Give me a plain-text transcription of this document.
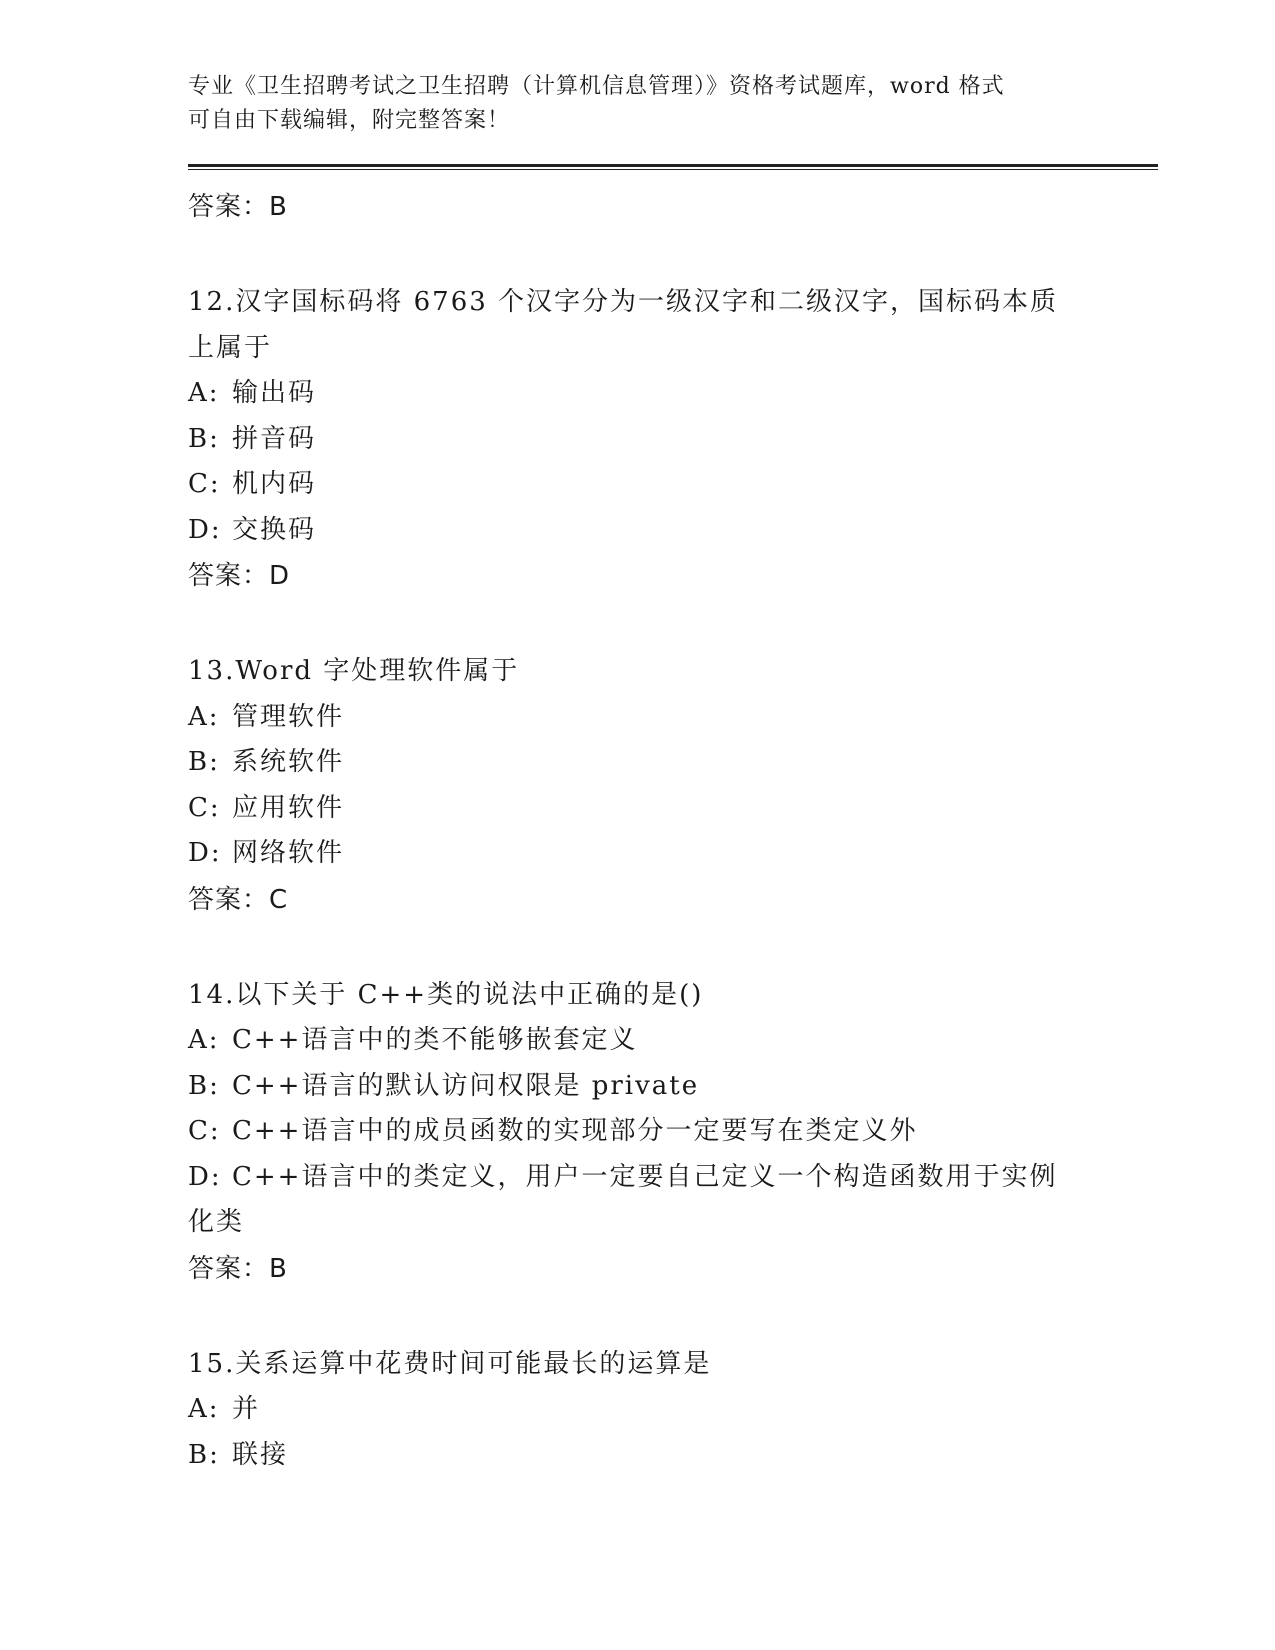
专业《卫生招聘考试之卫生招聘（计算机信息管理）》资格考试题库，word 格式
可自由下载编辑，附完整答案！
答案：B
12.汉字国标码将 6763 个汉字分为一级汉字和二级汉字，国标码本质上属于
A: 输出码
B: 拼音码
C: 机内码
D: 交换码
答案：D
13.Word 字处理软件属于
A: 管理软件
B: 系统软件
C: 应用软件
D: 网络软件
答案：C
14.以下关于 C++类的说法中正确的是()
A: C++语言中的类不能够嵌套定义
B: C++语言的默认访问权限是 private
C: C++语言中的成员函数的实现部分一定要写在类定义外
D: C++语言中的类定义，用户一定要自己定义一个构造函数用于实例化类
答案：B
15.关系运算中花费时间可能最长的运算是
A: 并
B: 联接
